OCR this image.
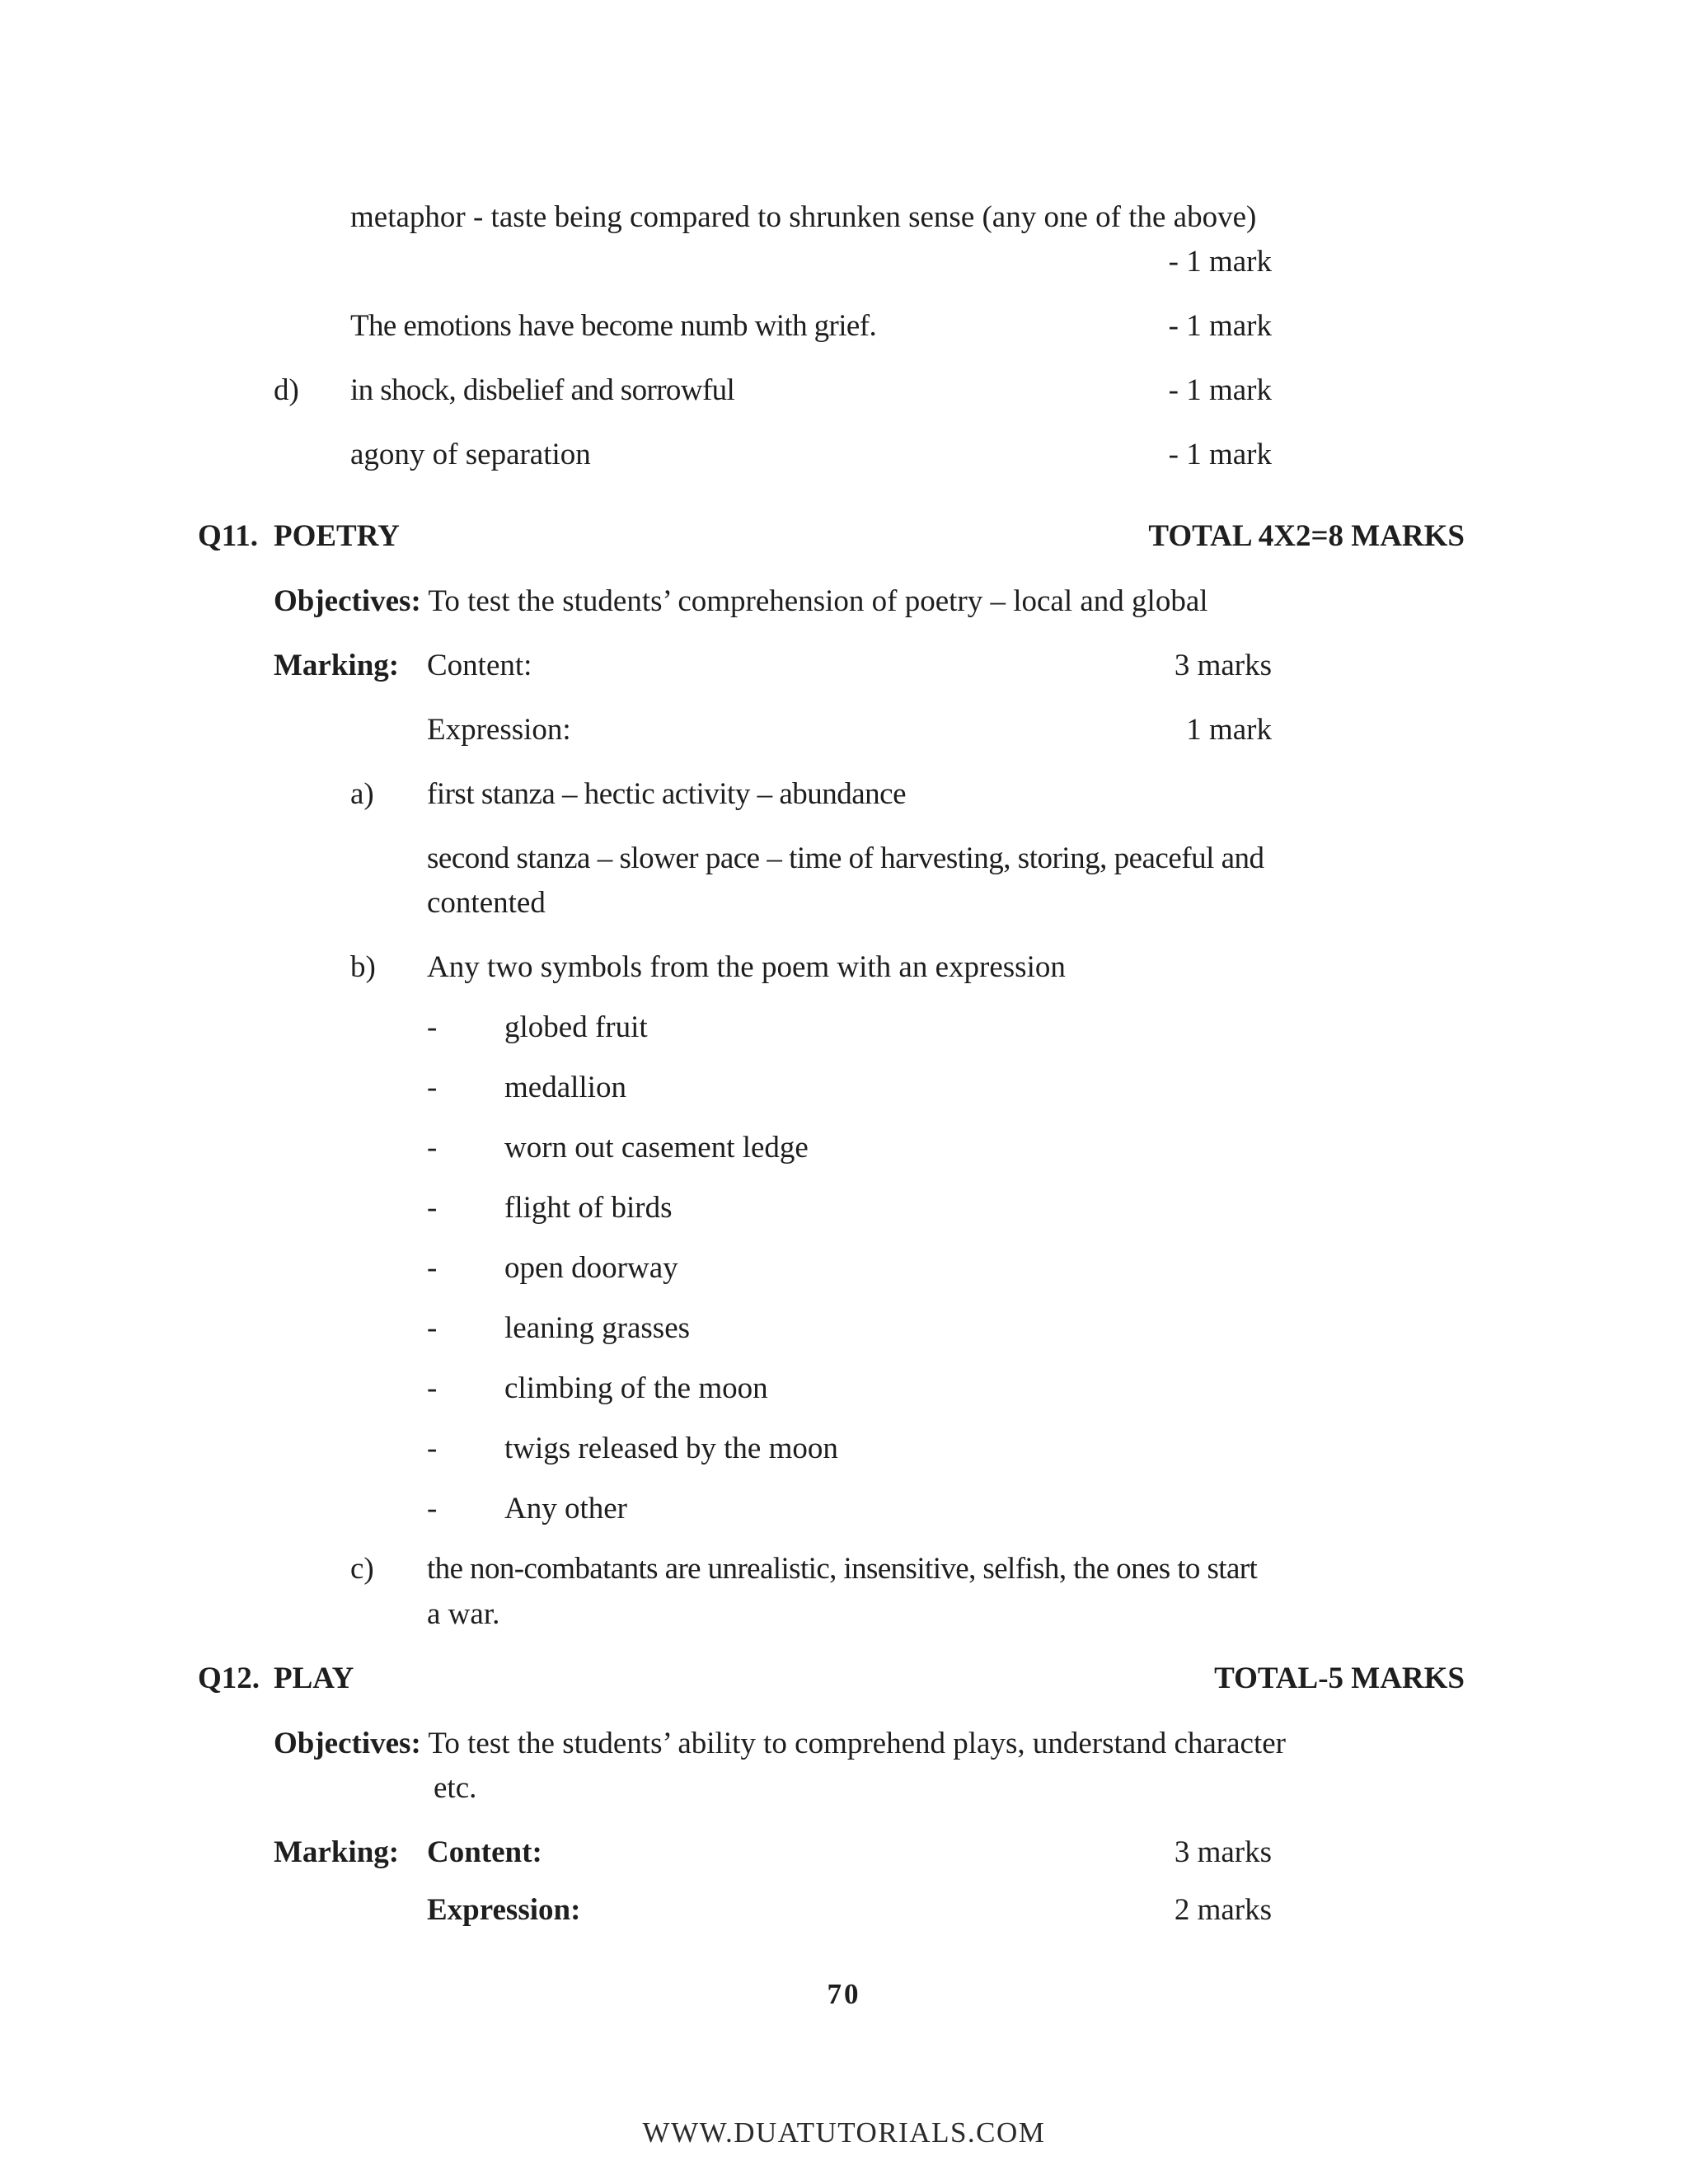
metaphor - taste being compared to shrunken sense (any one of the above)
- 1 mark
The emotions have become numb with grief.	- 1 mark
d) in shock, disbelief and sorrowful	- 1 mark
agony of separation	- 1 mark
Q11. POETRY	TOTAL 4X2=8 MARKS
Objectives: To test the students’ comprehension of poetry – local and global
Marking: Content:	3 marks
Expression:	1 mark
a) first stanza – hectic activity – abundance
second stanza – slower pace – time of harvesting, storing, peaceful and
contented
b) Any two symbols from the poem with an expression
- globed fruit
- medallion
- worn out casement ledge
- flight of birds
- open doorway
- leaning grasses
- climbing of the moon
- twigs released by the moon
- Any other
c) the non-combatants are unrealistic, insensitive, selfish, the ones to start
a war.
Q12. PLAY	TOTAL-5 MARKS
Objectives: To test the students’ ability to comprehend plays, understand character
etc.
Marking: Content:	3 marks
Expression:	2 marks
70
WWW.DUATUTORIALS.COM
